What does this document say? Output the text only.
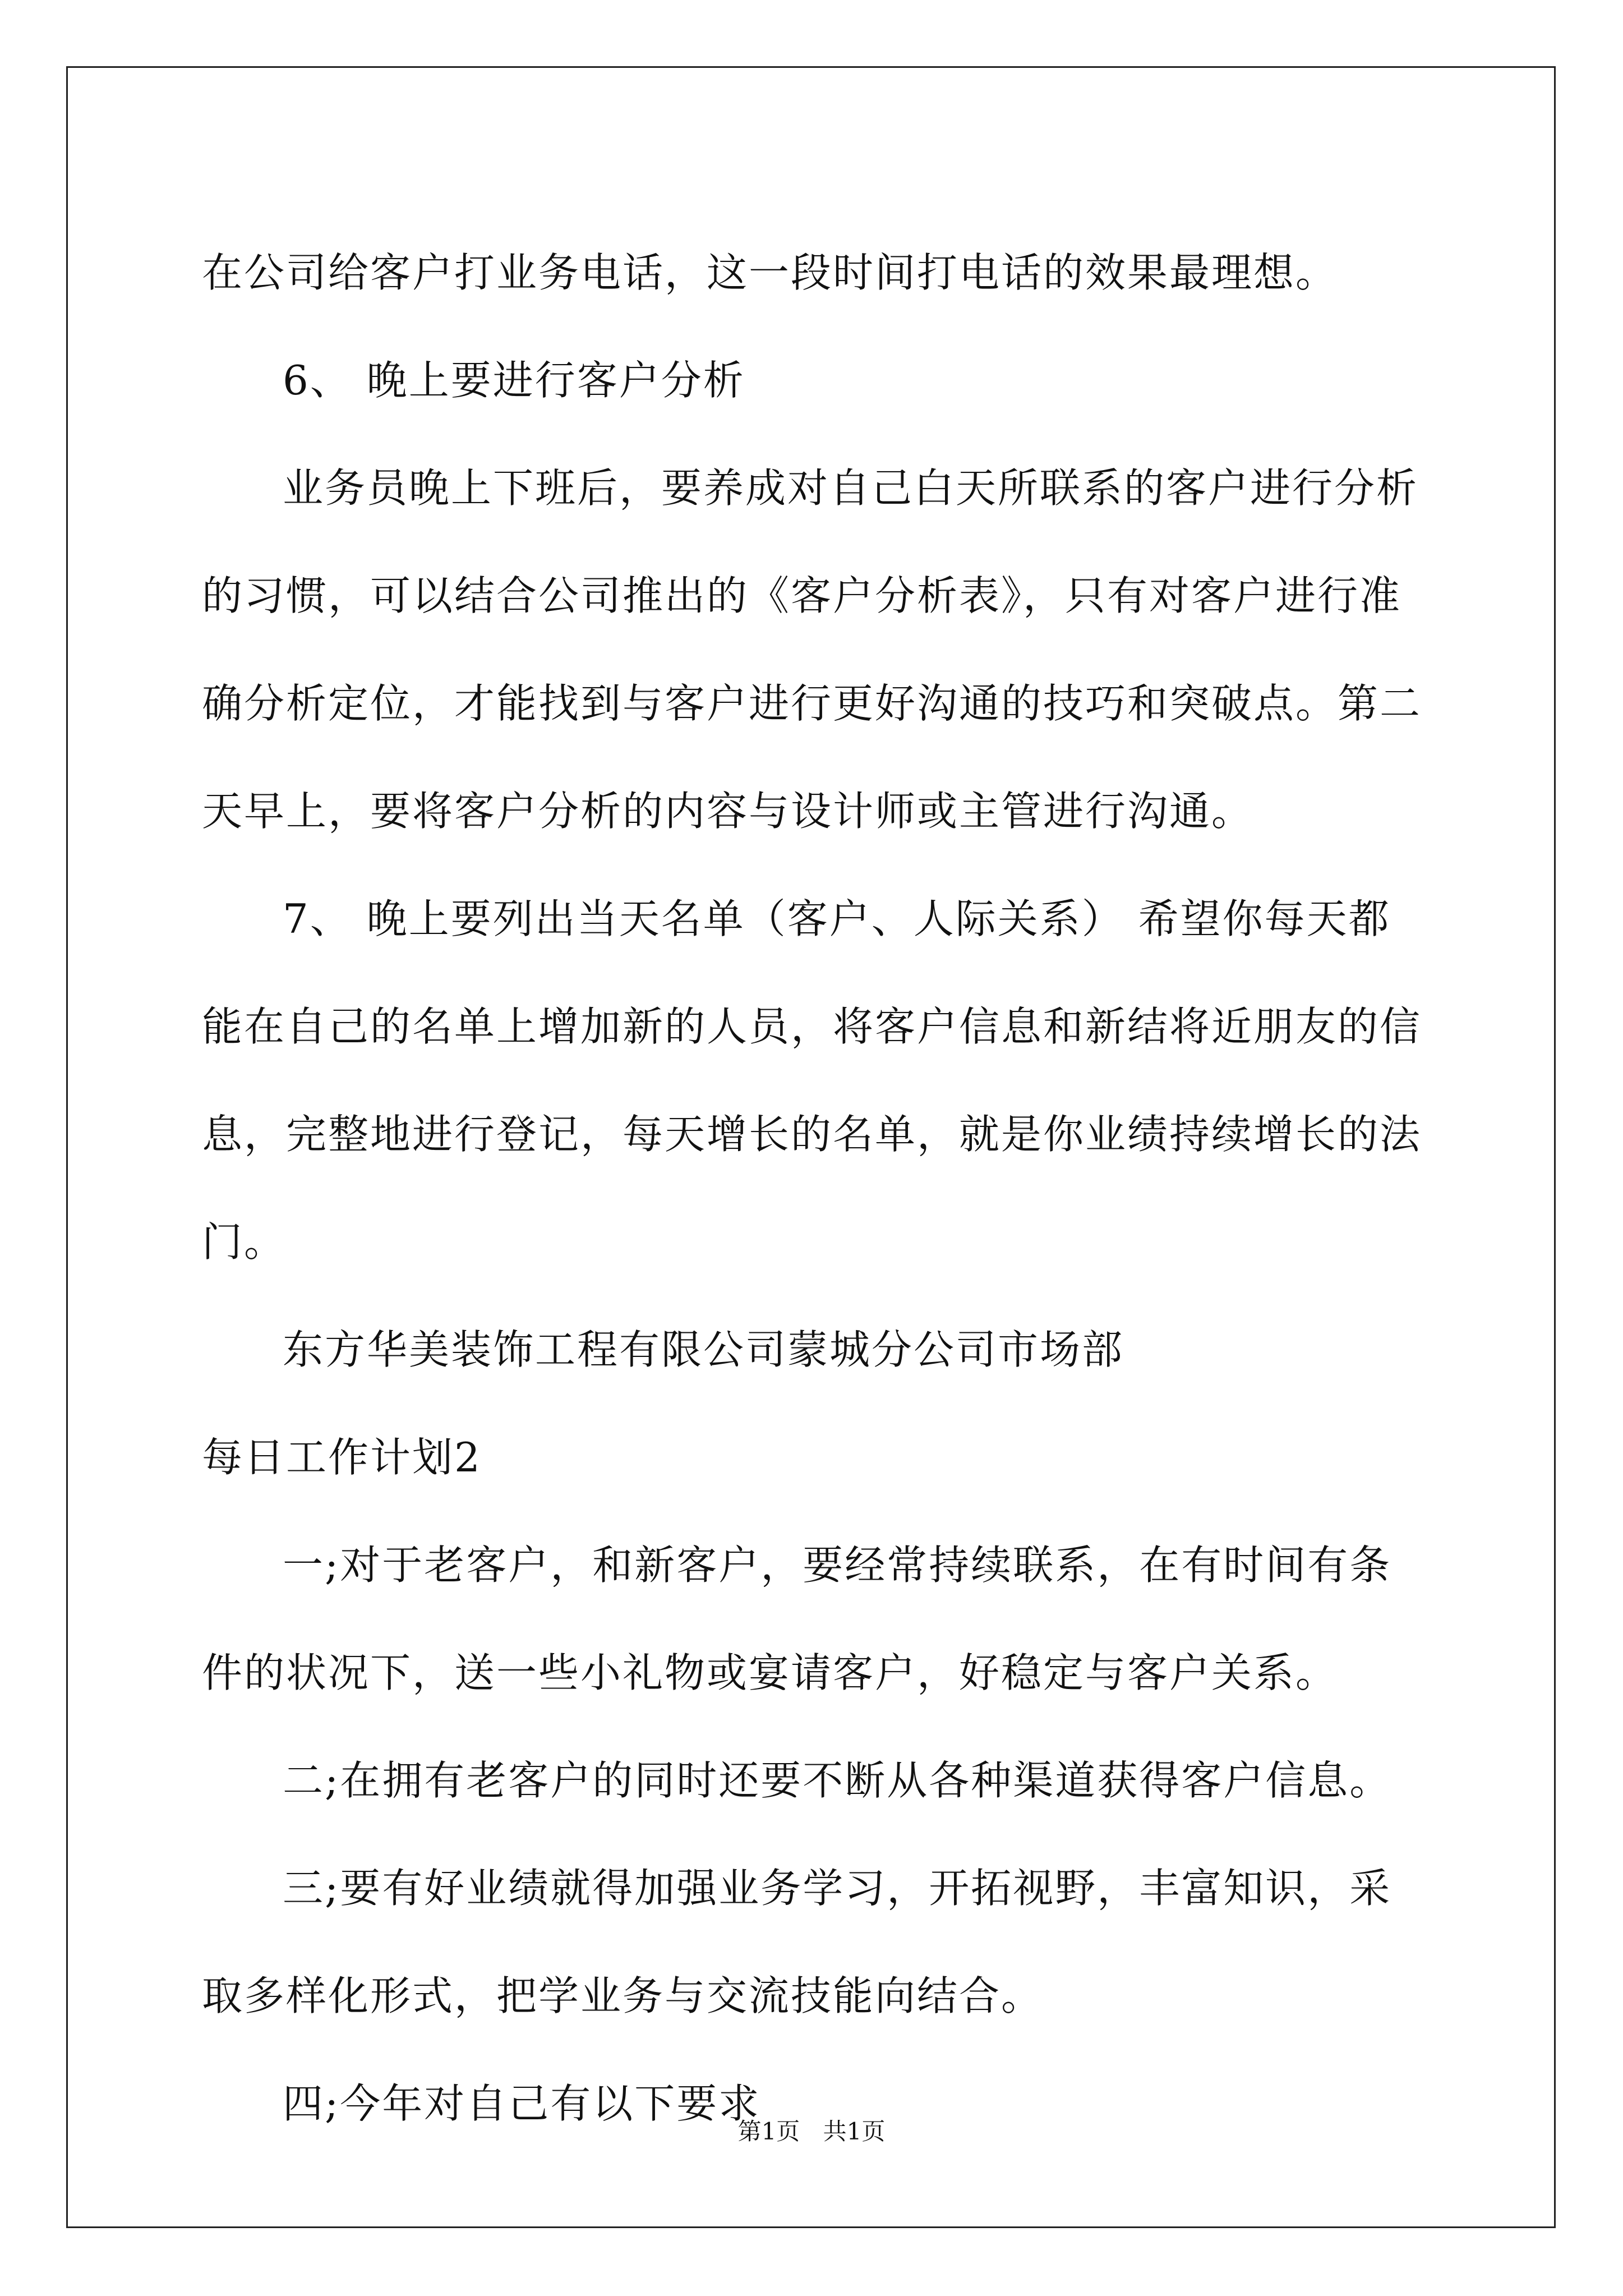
在公司给客户打业务电话，这一段时间打电话的效果最理想。

6、 晚上要进行客户分析

业务员晚上下班后，要养成对自己白天所联系的客户进行分析的习惯，可以结合公司推出的《客户分析表》，只有对客户进行准确分析定位，才能找到与客户进行更好沟通的技巧和突破点。第二天早上，要将客户分析的内容与设计师或主管进行沟通。

7、 晚上要列出当天名单（客户、人际关系） 希望你每天都能在自己的名单上增加新的人员，将客户信息和新结将近朋友的信息，完整地进行登记，每天增长的名单，就是你业绩持续增长的法门。

东方华美装饰工程有限公司蒙城分公司市场部

每日工作计划2

一;对于老客户，和新客户，要经常持续联系，在有时间有条件的状况下，送一些小礼物或宴请客户，好稳定与客户关系。

二;在拥有老客户的同时还要不断从各种渠道获得客户信息。

三;要有好业绩就得加强业务学习，开拓视野，丰富知识，采取多样化形式，把学业务与交流技能向结合。

四;今年对自己有以下要求

第1页 共1页
